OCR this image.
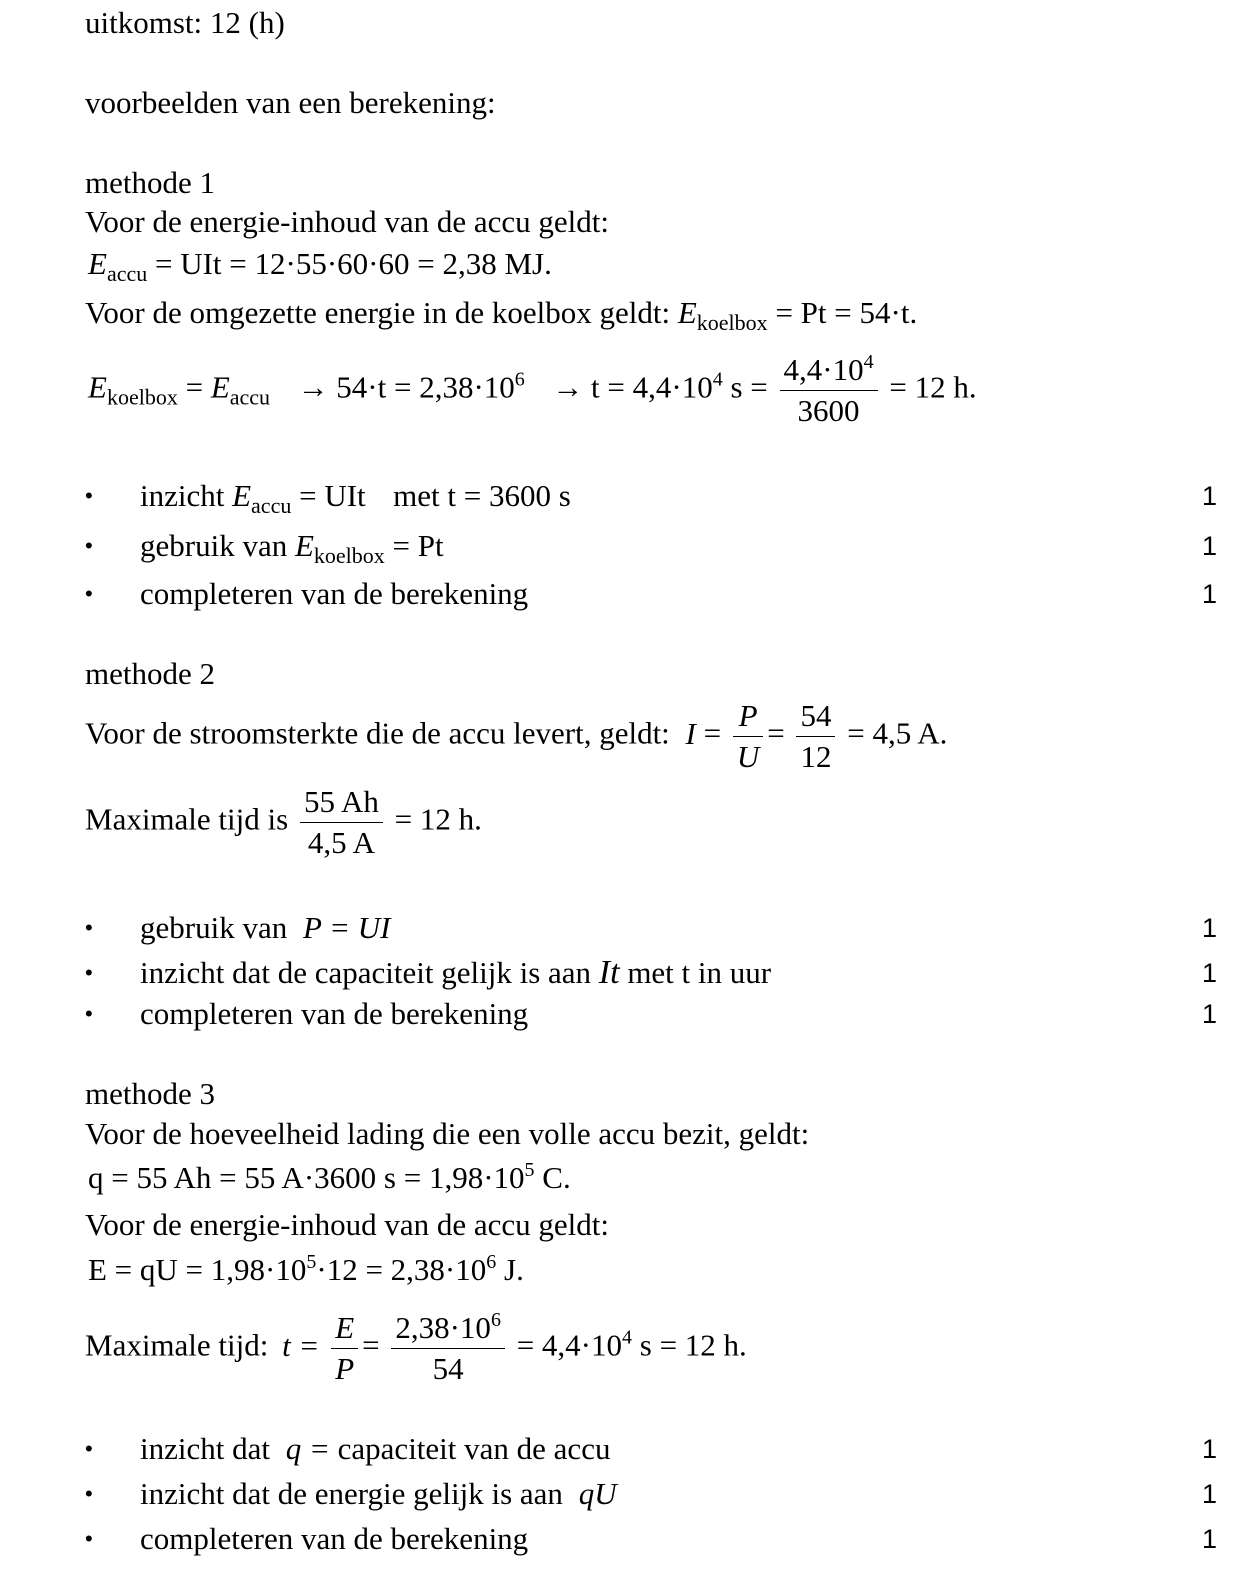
uitkomst: 12 (h)
voorbeelden van een berekening:
methode 1
Voor de energie-inhoud van de accu geldt:
$E_{accu}$ = UIt = 12·55·60·60 = 2,38 MJ.
Voor de omgezette energie in de koelbox geldt: $E_{koelbox} = Pt = 54\cdot t$.
$E_{koelbox} = E_{accu} \to 54\cdot t = 2,38\cdot 10^6 \to t = 4,4\cdot 10^4$ $s = \frac{4,4\cdot 10^4}{3600} = 12$ h.
• inzicht $E_{accu}$ = UIt met t = 3600 s	1
• gebruik van $E_{koelbox} = Pt$	1
• completeren van de berekening	1
methode 2
Voor de stroomsterkte die de accu levert, geldt: $I = \frac{P}{U} = \frac{54}{12} = 4,5$ A.
Maximale tijd is $\frac{55 Ah}{4,5 A} = 12$ h.
• gebruik van P = UI	1
• inzicht dat de capaciteit gelijk is aan It met t in uur	1
• completeren van de berekening	1
methode 3
Voor de hoeveelheid lading die een volle accu bezit, geldt:
q = 55 Ah = 55 A·3600 $s = 1,98\cdot 10^5$ C.
Voor de energie-inhoud van de accu geldt:
E = qU = $1,98\cdot 10^5\cdot 12 = 2,38\cdot 10^6$ J.
Maximale tijd: $t = \frac{E}{P} = \frac{2,38\cdot 10^6}{54} = 4,4\cdot 10^4$ s = 12 h.
• inzicht dat q = capaciteit van de accu	1
• inzicht dat de energie gelijk is aan qU	1
• completeren van de berekening	1
